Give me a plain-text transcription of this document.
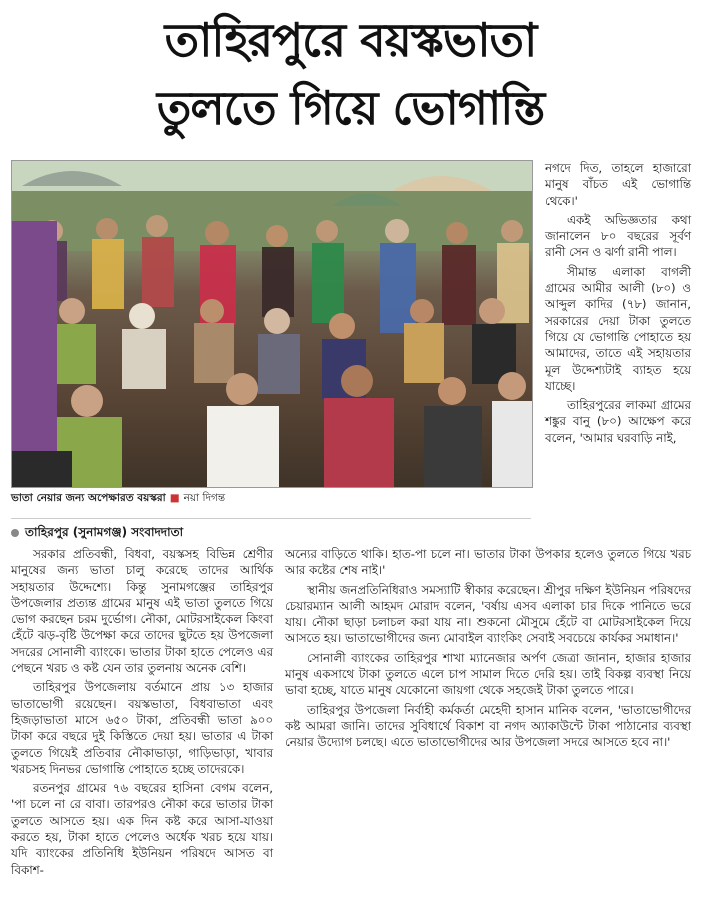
তাহিরপুরে বয়স্কভাতা
তুলতে গিয়ে ভোগান্তি
ভাতা নেয়ার জন্য অপেক্ষারত বয়স্করা ■ নয়া দিগন্ত
তাহিরপুর (সুনামগঞ্জ) সংবাদদাতা

নগদে দিত, তাহলে হাজারো মানুষ বাঁচত এই ভোগান্তি থেকে।'

একই অভিজ্ঞতার কথা জানালেন ৮০ বছরের সূর্বণ রানী সেন ও ঝর্ণা রানী পাল।

সীমান্ত এলাকা বাগলী গ্রামের আমীর আলী (৮০) ও আব্দুল কাদির (৭৮) জানান, সরকারের দেয়া টাকা তুলতে গিয়ে যে ভোগান্তি পোহাতে হয় আমাদের, তাতে এই সহায়তার মূল উদ্দেশ্যটাই ব্যাহত হয়ে যাচ্ছে।

তাহিরপুরের লাকমা গ্রামের শঙ্কুর বানু (৮০) আক্ষেপ করে বলেন, 'আমার ঘরবাড়ি নাই,

সরকার প্রতিবন্ধী, বিধবা, বয়স্কসহ বিভিন্ন শ্রেণীর মানুষের জন্য ভাতা চালু করেছে তাদের আর্থিক সহায়তার উদ্দেশ্যে। কিন্তু সুনামগঞ্জের তাহিরপুর উপজেলার প্রত্যন্ত গ্রামের মানুষ এই ভাতা তুলতে গিয়ে ভোগ করছেন চরম দুর্ভোগ। নৌকা, মোটরসাইকেল কিংবা হেঁটে ঝড়-বৃষ্টি উপেক্ষা করে তাদের ছুটতে হয় উপজেলা সদরের সোনালী ব্যাংকে। ভাতার টাকা হাতে পেলেও এর পেছনে খরচ ও কষ্ট যেন তার তুলনায় অনেক বেশি।

তাহিরপুর উপজেলায় বর্তমানে প্রায় ১৩ হাজার ভাতাভোগী রয়েছেন। বয়স্কভাতা, বিধবাভাতা এবং হিজড়াভাতা মাসে ৬৫০ টাকা, প্রতিবন্ধী ভাতা ৯০০ টাকা করে বছরে দুই কিস্তিতে দেয়া হয়। ভাতার এ টাকা তুলতে গিয়েই প্রতিবার নৌকাভাড়া, গাড়িভাড়া, খাবার খরচসহ দিনভর ভোগান্তি পোহাতে হচ্ছে তাদেরকে।

রতনপুর গ্রামের ৭৬ বছরের হাসিনা বেগম বলেন, 'পা চলে না রে বাবা। তারপরও নৌকা করে ভাতার টাকা তুলতে আসতে হয়। এক দিন কষ্ট করে আসা-যাওয়া করতে হয়, টাকা হাতে পেলেও অর্ধেক খরচ হয়ে যায়। যদি ব্যাংকের প্রতিনিধি ইউনিয়ন পরিষদে আসত বা বিকাশ-

অন্যের বাড়িতে থাকি। হাত-পা চলে না। ভাতার টাকা উপকার হলেও তুলতে গিয়ে খরচ আর কষ্টের শেষ নাই।'

স্থানীয় জনপ্রতিনিধিরাও সমস্যাটি স্বীকার করেছেন। শ্রীপুর দক্ষিণ ইউনিয়ন পরিষদের চেয়ারম্যান আলী আহমদ মোরাদ বলেন, 'বর্ষায় এসব এলাকা চার দিকে পানিতে ভরে যায়। নৌকা ছাড়া চলাচল করা যায় না। শুকনো মৌসুমে হেঁটে বা মোটরসাইকেল দিয়ে আসতে হয়। ভাতাভোগীদের জন্য মোবাইল ব্যাংকিং সেবাই সবচেয়ে কার্যকর সমাধান।'

সোনালী ব্যাংকের তাহিরপুর শাখা ম্যানেজার অর্পণ জেত্রা জানান, হাজার হাজার মানুষ একসাথে টাকা তুলতে এলে চাপ সামাল দিতে দেরি হয়। তাই বিকল্প ব্যবস্থা নিয়ে ভাবা হচ্ছে, যাতে মানুষ যেকোনো জায়গা থেকে সহজেই টাকা তুলতে পারে।

তাহিরপুর উপজেলা নির্বাহী কর্মকর্তা মেহেদী হাসান মানিক বলেন, 'ভাতাভোগীদের কষ্ট আমরা জানি। তাদের সুবিধার্থে বিকাশ বা নগদ অ্যাকাউন্টে টাকা পাঠানোর ব্যবস্থা নেয়ার উদ্যোগ চলছে। এতে ভাতাভোগীদের আর উপজেলা সদরে আসতে হবে না।'
